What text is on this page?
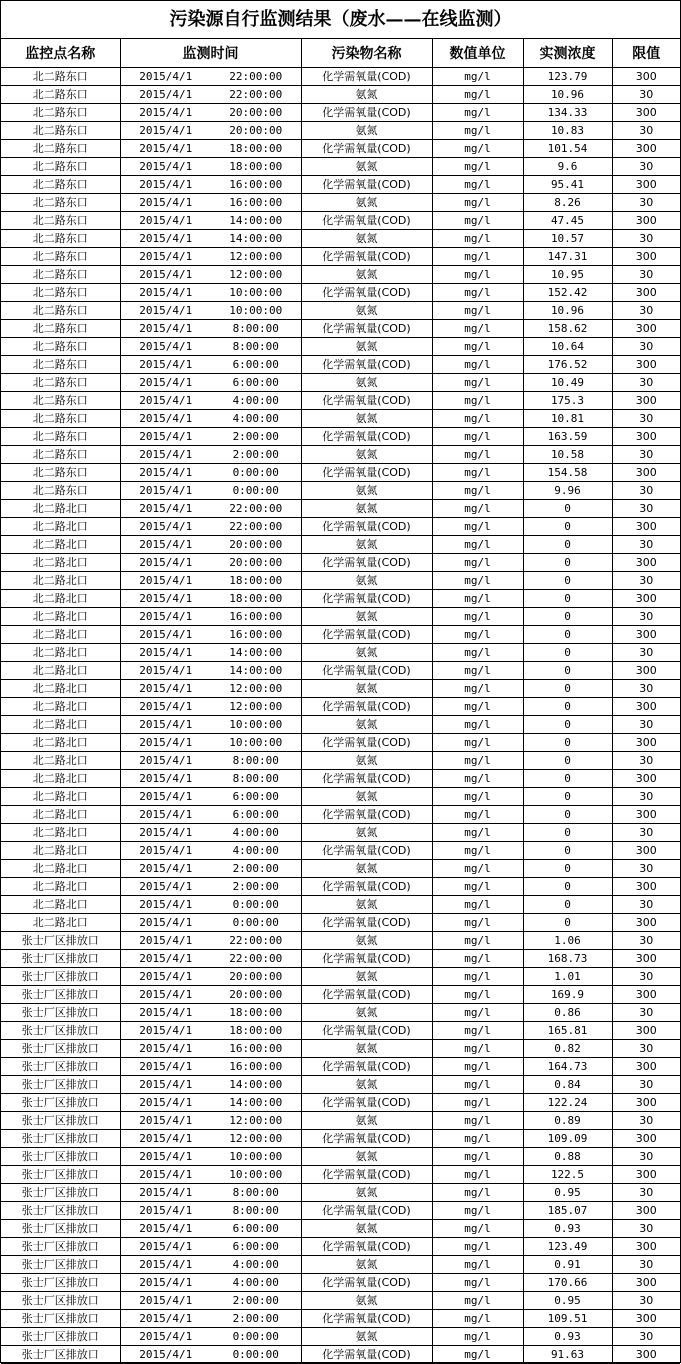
污染源自行监测结果（废水——在线监测）
监控点名称	监测时间		污染物名称	数值单位	实测浓度	限值
北二路东口	2015/4/1	22:00:00	化学需氧量(COD)	mg/l	123.79	300
北二路东口	2015/4/1	22:00:00	氨氮	mg/l	10.96	30
北二路东口	2015/4/1	20:00:00	化学需氧量(COD)	mg/l	134.33	300
北二路东口	2015/4/1	20:00:00	氨氮	mg/l	10.83	30
北二路东口	2015/4/1	18:00:00	化学需氧量(COD)	mg/l	101.54	300
北二路东口	2015/4/1	18:00:00	氨氮	mg/l	9.6	30
北二路东口	2015/4/1	16:00:00	化学需氧量(COD)	mg/l	95.41	300
北二路东口	2015/4/1	16:00:00	氨氮	mg/l	8.26	30
北二路东口	2015/4/1	14:00:00	化学需氧量(COD)	mg/l	47.45	300
北二路东口	2015/4/1	14:00:00	氨氮	mg/l	10.57	30
北二路东口	2015/4/1	12:00:00	化学需氧量(COD)	mg/l	147.31	300
北二路东口	2015/4/1	12:00:00	氨氮	mg/l	10.95	30
北二路东口	2015/4/1	10:00:00	化学需氧量(COD)	mg/l	152.42	300
北二路东口	2015/4/1	10:00:00	氨氮	mg/l	10.96	30
北二路东口	2015/4/1	8:00:00	化学需氧量(COD)	mg/l	158.62	300
北二路东口	2015/4/1	8:00:00	氨氮	mg/l	10.64	30
北二路东口	2015/4/1	6:00:00	化学需氧量(COD)	mg/l	176.52	300
北二路东口	2015/4/1	6:00:00	氨氮	mg/l	10.49	30
北二路东口	2015/4/1	4:00:00	化学需氧量(COD)	mg/l	175.3	300
北二路东口	2015/4/1	4:00:00	氨氮	mg/l	10.81	30
北二路东口	2015/4/1	2:00:00	化学需氧量(COD)	mg/l	163.59	300
北二路东口	2015/4/1	2:00:00	氨氮	mg/l	10.58	30
北二路东口	2015/4/1	0:00:00	化学需氧量(COD)	mg/l	154.58	300
北二路东口	2015/4/1	0:00:00	氨氮	mg/l	9.96	30
北二路北口	2015/4/1	22:00:00	氨氮	mg/l	0	30
北二路北口	2015/4/1	22:00:00	化学需氧量(COD)	mg/l	0	300
北二路北口	2015/4/1	20:00:00	氨氮	mg/l	0	30
北二路北口	2015/4/1	20:00:00	化学需氧量(COD)	mg/l	0	300
北二路北口	2015/4/1	18:00:00	氨氮	mg/l	0	30
北二路北口	2015/4/1	18:00:00	化学需氧量(COD)	mg/l	0	300
北二路北口	2015/4/1	16:00:00	氨氮	mg/l	0	30
北二路北口	2015/4/1	16:00:00	化学需氧量(COD)	mg/l	0	300
北二路北口	2015/4/1	14:00:00	氨氮	mg/l	0	30
北二路北口	2015/4/1	14:00:00	化学需氧量(COD)	mg/l	0	300
北二路北口	2015/4/1	12:00:00	氨氮	mg/l	0	30
北二路北口	2015/4/1	12:00:00	化学需氧量(COD)	mg/l	0	300
北二路北口	2015/4/1	10:00:00	氨氮	mg/l	0	30
北二路北口	2015/4/1	10:00:00	化学需氧量(COD)	mg/l	0	300
北二路北口	2015/4/1	8:00:00	氨氮	mg/l	0	30
北二路北口	2015/4/1	8:00:00	化学需氧量(COD)	mg/l	0	300
北二路北口	2015/4/1	6:00:00	氨氮	mg/l	0	30
北二路北口	2015/4/1	6:00:00	化学需氧量(COD)	mg/l	0	300
北二路北口	2015/4/1	4:00:00	氨氮	mg/l	0	30
北二路北口	2015/4/1	4:00:00	化学需氧量(COD)	mg/l	0	300
北二路北口	2015/4/1	2:00:00	氨氮	mg/l	0	30
北二路北口	2015/4/1	2:00:00	化学需氧量(COD)	mg/l	0	300
北二路北口	2015/4/1	0:00:00	氨氮	mg/l	0	30
北二路北口	2015/4/1	0:00:00	化学需氧量(COD)	mg/l	0	300
张士厂区排放口	2015/4/1	22:00:00	氨氮	mg/l	1.06	30
张士厂区排放口	2015/4/1	22:00:00	化学需氧量(COD)	mg/l	168.73	300
张士厂区排放口	2015/4/1	20:00:00	氨氮	mg/l	1.01	30
张士厂区排放口	2015/4/1	20:00:00	化学需氧量(COD)	mg/l	169.9	300
张士厂区排放口	2015/4/1	18:00:00	氨氮	mg/l	0.86	30
张士厂区排放口	2015/4/1	18:00:00	化学需氧量(COD)	mg/l	165.81	300
张士厂区排放口	2015/4/1	16:00:00	氨氮	mg/l	0.82	30
张士厂区排放口	2015/4/1	16:00:00	化学需氧量(COD)	mg/l	164.73	300
张士厂区排放口	2015/4/1	14:00:00	氨氮	mg/l	0.84	30
张士厂区排放口	2015/4/1	14:00:00	化学需氧量(COD)	mg/l	122.24	300
张士厂区排放口	2015/4/1	12:00:00	氨氮	mg/l	0.89	30
张士厂区排放口	2015/4/1	12:00:00	化学需氧量(COD)	mg/l	109.09	300
张士厂区排放口	2015/4/1	10:00:00	氨氮	mg/l	0.88	30
张士厂区排放口	2015/4/1	10:00:00	化学需氧量(COD)	mg/l	122.5	300
张士厂区排放口	2015/4/1	8:00:00	氨氮	mg/l	0.95	30
张士厂区排放口	2015/4/1	8:00:00	化学需氧量(COD)	mg/l	185.07	300
张士厂区排放口	2015/4/1	6:00:00	氨氮	mg/l	0.93	30
张士厂区排放口	2015/4/1	6:00:00	化学需氧量(COD)	mg/l	123.49	300
张士厂区排放口	2015/4/1	4:00:00	氨氮	mg/l	0.91	30
张士厂区排放口	2015/4/1	4:00:00	化学需氧量(COD)	mg/l	170.66	300
张士厂区排放口	2015/4/1	2:00:00	氨氮	mg/l	0.95	30
张士厂区排放口	2015/4/1	2:00:00	化学需氧量(COD)	mg/l	109.51	300
张士厂区排放口	2015/4/1	0:00:00	氨氮	mg/l	0.93	30
张士厂区排放口	2015/4/1	0:00:00	化学需氧量(COD)	mg/l	91.63	300
